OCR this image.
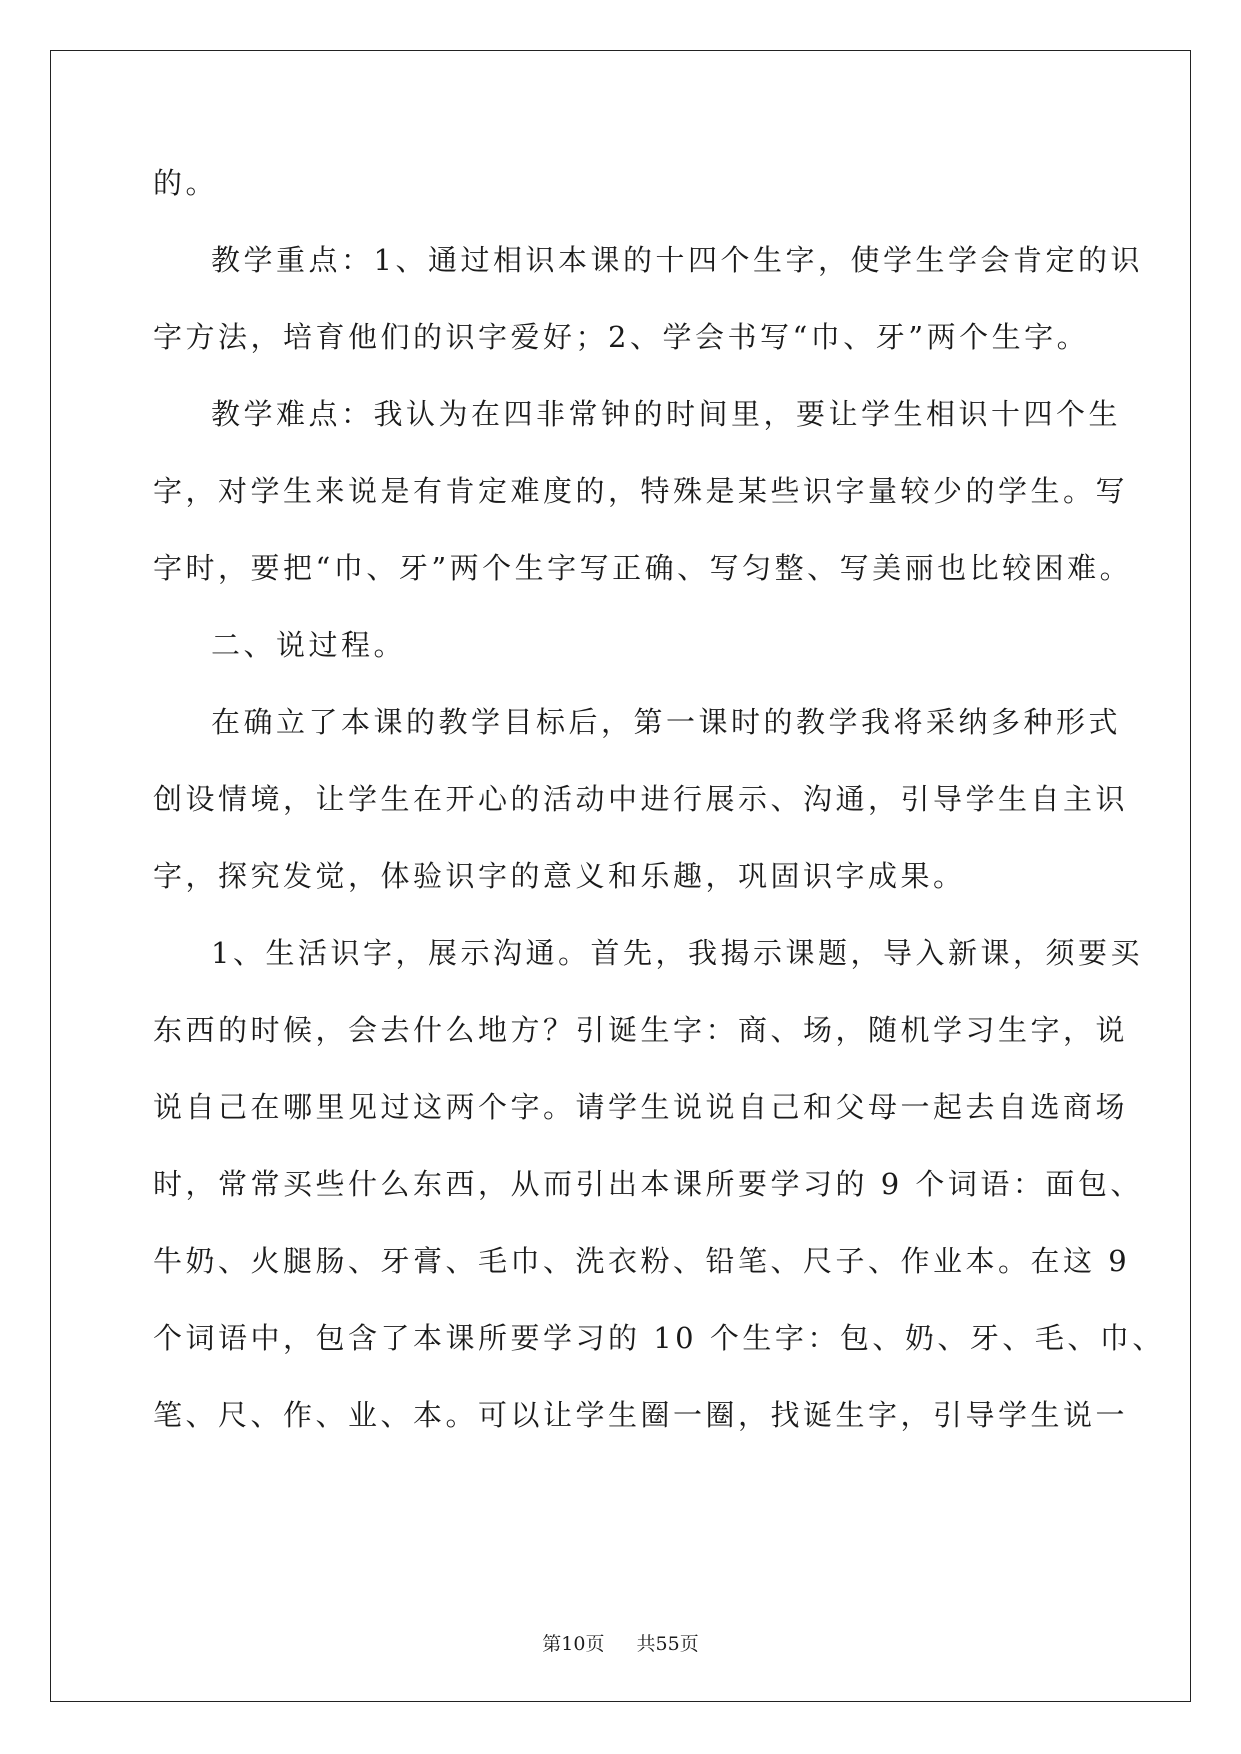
的。
教学重点：1、通过相识本课的十四个生字，使学生学会肯定的识
字方法，培育他们的识字爱好；2、学会书写“巾、牙”两个生字。
教学难点：我认为在四非常钟的时间里，要让学生相识十四个生
字，对学生来说是有肯定难度的，特殊是某些识字量较少的学生。写
字时，要把“巾、牙”两个生字写正确、写匀整、写美丽也比较困难。
二、说过程。
在确立了本课的教学目标后，第一课时的教学我将采纳多种形式
创设情境，让学生在开心的活动中进行展示、沟通，引导学生自主识
字，探究发觉，体验识字的意义和乐趣，巩固识字成果。
1、生活识字，展示沟通。首先，我揭示课题，导入新课，须要买
东西的时候，会去什么地方？引诞生字：商、场，随机学习生字，说
说自己在哪里见过这两个字。请学生说说自己和父母一起去自选商场
时，常常买些什么东西，从而引出本课所要学习的 9 个词语：面包、
牛奶、火腿肠、牙膏、毛巾、洗衣粉、铅笔、尺子、作业本。在这 9
个词语中，包含了本课所要学习的 10 个生字：包、奶、牙、毛、巾、
笔、尺、作、业、本。可以让学生圈一圈，找诞生字，引导学生说一
第10页 共55页
